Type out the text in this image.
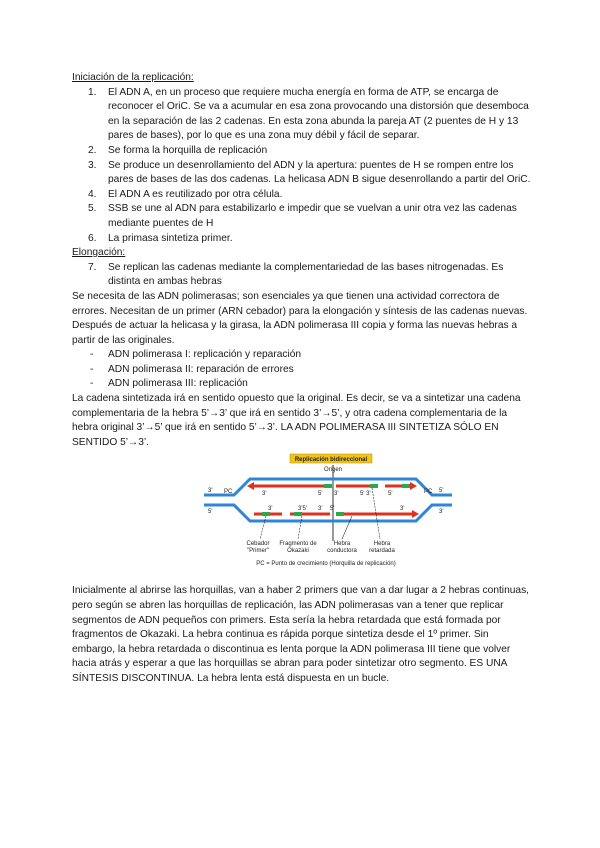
Iniciación de la replicación:

1. El ADN A, en un proceso que requiere mucha energía en forma de ATP, se encarga de reconocer el OriC. Se va a acumular en esa zona provocando una distorsión que desemboca en la separación de las 2 cadenas. En esta zona abunda la pareja AT (2 puentes de H y 13 pares de bases), por lo que es una zona muy débil y fácil de separar.
2. Se forma la horquilla de replicación
3. Se produce un desenrollamiento del ADN y la apertura: puentes de H se rompen entre los pares de bases de las dos cadenas. La helicasa ADN B sigue desenrollando a partir del OriC.
4. El ADN A es reutilizado por otra célula.
5. SSB se une al ADN para estabilizarlo e impedir que se vuelvan a unir otra vez las cadenas mediante puentes de H
6. La primasa sintetiza primer.

Elongación:

7. Se replican las cadenas mediante la complementariedad de las bases nitrogenadas. Es distinta en ambas hebras

Se necesita de las ADN polimerasas; son esenciales ya que tienen una actividad correctora de errores. Necesitan de un primer (ARN cebador) para la elongación y síntesis de las cadenas nuevas. Después de actuar la helicasa y la girasa, la ADN polimerasa III copia y forma las nuevas hebras a partir de las originales.

- ADN polimerasa I: replicación y reparación
- ADN polimerasa II: reparación de errores
- ADN polimerasa III: replicación

La cadena sintetizada irá en sentido opuesto que la original. Es decir, se va a sintetizar una cadena complementaria de la hebra 5’→3’ que irá en sentido 3’→5’, y otra cadena complementaria de la hebra original 3’→5’ que irá en sentido 5’→3’. LA ADN POLIMERASA III SINTETIZA SÓLO EN SENTIDO 5’→3’.

Replicación bidireccional
Origen
3'
5'
5'
3'
PC	PC
3'
3'	3'5'
5' 3'	5' 3'	5'
3' 5'	3'
Cebador
"Primer"
Fragmento de
Okazaki
Hebra
conductora
Hebra
retardada
PC = Punto de crecimiento (Horquilla de replicación)

Inicialmente al abrirse las horquillas, van a haber 2 primers que van a dar lugar a 2 hebras continuas, pero según se abren las horquillas de replicación, las ADN polimerasas van a tener que replicar segmentos de ADN pequeños con primers. Esta sería la hebra retardada que está formada por fragmentos de Okazaki. La hebra continua es rápida porque sintetiza desde el 1º primer. Sin embargo, la hebra retardada o discontinua es lenta porque la ADN polimerasa III tiene que volver hacia atrás y esperar a que las horquillas se abran para poder sintetizar otro segmento. ES UNA SÍNTESIS DISCONTINUA. La hebra lenta está dispuesta en un bucle.
